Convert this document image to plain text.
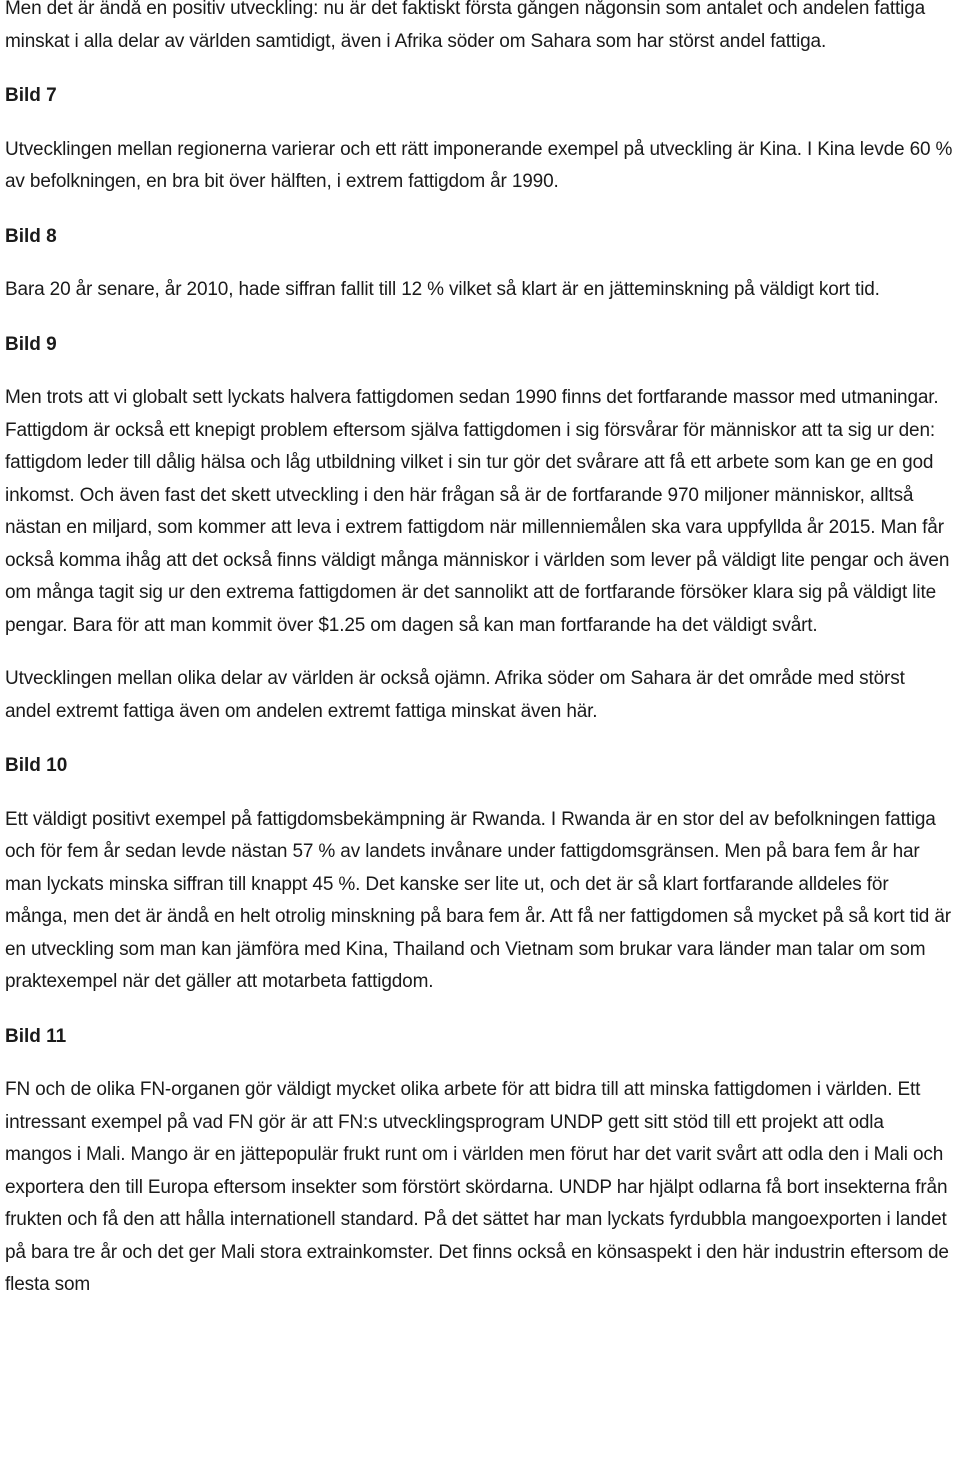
Men det är ändå en positiv utveckling: nu är det faktiskt första gången någonsin som antalet och andelen fattiga minskat i alla delar av världen samtidigt, även i Afrika söder om Sahara som har störst andel fattiga.

Bild 7

Utvecklingen mellan regionerna varierar och ett rätt imponerande exempel på utveckling är Kina. I Kina levde 60 % av befolkningen, en bra bit över hälften, i extrem fattigdom år 1990.

Bild 8

Bara 20 år senare, år 2010, hade siffran fallit till 12 % vilket så klart är en jätteminskning på väldigt kort tid.

Bild 9

Men trots att vi globalt sett lyckats halvera fattigdomen sedan 1990 finns det fortfarande massor med utmaningar. Fattigdom är också ett knepigt problem eftersom själva fattigdomen i sig försvårar för människor att ta sig ur den: fattigdom leder till dålig hälsa och låg utbildning vilket i sin tur gör det svårare att få ett arbete som kan ge en god inkomst. Och även fast det skett utveckling i den här frågan så är de fortfarande 970 miljoner människor, alltså nästan en miljard, som kommer att leva i extrem fattigdom när millenniemålen ska vara uppfyllda år 2015. Man får också komma ihåg att det också finns väldigt många människor i världen som lever på väldigt lite pengar och även om många tagit sig ur den extrema fattigdomen är det sannolikt att de fortfarande försöker klara sig på väldigt lite pengar. Bara för att man kommit över $1.25 om dagen så kan man fortfarande ha det väldigt svårt.

Utvecklingen mellan olika delar av världen är också ojämn. Afrika söder om Sahara är det område med störst andel extremt fattiga även om andelen extremt fattiga minskat även här.

Bild 10

Ett väldigt positivt exempel på fattigdomsbekämpning är Rwanda. I Rwanda är en stor del av befolkningen fattiga och för fem år sedan levde nästan 57 % av landets invånare under fattigdomsgränsen. Men på bara fem år har man lyckats minska siffran till knappt 45 %. Det kanske ser lite ut, och det är så klart fortfarande alldeles för många, men det är ändå en helt otrolig minskning på bara fem år. Att få ner fattigdomen så mycket på så kort tid är en utveckling som man kan jämföra med Kina, Thailand och Vietnam som brukar vara länder man talar om som praktexempel när det gäller att motarbeta fattigdom.

Bild 11

FN och de olika FN-organen gör väldigt mycket olika arbete för att bidra till att minska fattigdomen i världen. Ett intressant exempel på vad FN gör är att FN:s utvecklingsprogram UNDP gett sitt stöd till ett projekt att odla mangos i Mali. Mango är en jättepopulär frukt runt om i världen men förut har det varit svårt att odla den i Mali och exportera den till Europa eftersom insekter som förstört skördarna. UNDP har hjälpt odlarna få bort insekterna från frukten och få den att hålla internationell standard. På det sättet har man lyckats fyrdubbla mangoexporten i landet på bara tre år och det ger Mali stora extrainkomster. Det finns också en könsaspekt i den här industrin eftersom de flesta som
